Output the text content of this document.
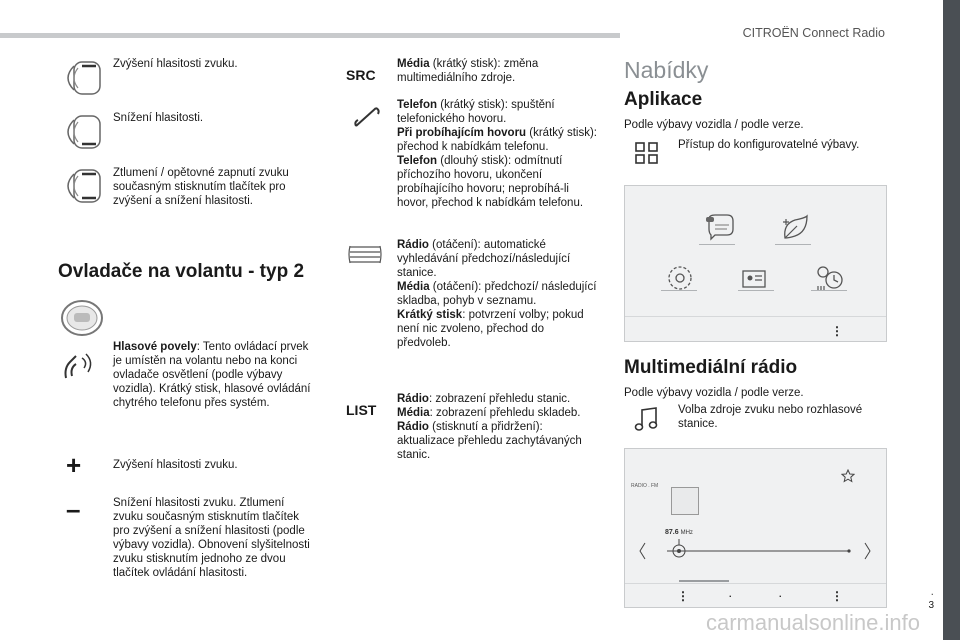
CITROËN Connect Radio
Zvýšení hlasitosti zvuku.
Snížení hlasitosti.
Ztlumení / opětovné zapnutí zvuku současným stisknutím tlačítek pro zvýšení a snížení hlasitosti.
Ovladače na volantu - typ 2
Hlasové povely: Tento ovládací prvek je umístěn na volantu nebo na konci ovladače osvětlení (podle výbavy vozidla). Krátký stisk, hlasové ovládání chytrého telefonu přes systém.
+	Zvýšení hlasitosti zvuku.
–	Snížení hlasitosti zvuku. Ztlumení zvuku současným stisknutím tlačítek pro zvýšení a snížení hlasitosti (podle výbavy vozidla). Obnovení slyšitelnosti zvuku stisknutím jednoho ze dvou tlačítek ovládání hlasitosti.
SRC
Média (krátký stisk): změna multimediálního zdroje.
Telefon (krátký stisk): spuštění telefonického hovoru.
Při probíhajícím hovoru (krátký stisk): přechod k nabídkám telefonu.
Telefon (dlouhý stisk): odmítnutí příchozího hovoru, ukončení probíhajícího hovoru; neprobíhá-li hovor, přechod k nabídkám telefonu.
Rádio (otáčení): automatické vyhledávání předchozí/následující stanice.
Média (otáčení): předchozí/ následující skladba, pohyb v seznamu.
Krátký stisk: potvrzení volby; pokud není nic zvoleno, přechod do předvoleb.
LIST
Rádio: zobrazení přehledu stanic.
Média: zobrazení přehledu skladeb.
Rádio (stisknutí a přidržení): aktualizace přehledu zachytávaných stanic.
Nabídky
Aplikace
Podle výbavy vozidla / podle verze.
Přístup do konfigurovatelné výbavy.
⋮
Multimediální rádio
Podle výbavy vozidla / podle verze.
Volba zdroje zvuku nebo rozhlasové stanice.
RADIO . FM
87.6 MHz
⋮	.	.	⋮
3
.
carmanualsonline.info
